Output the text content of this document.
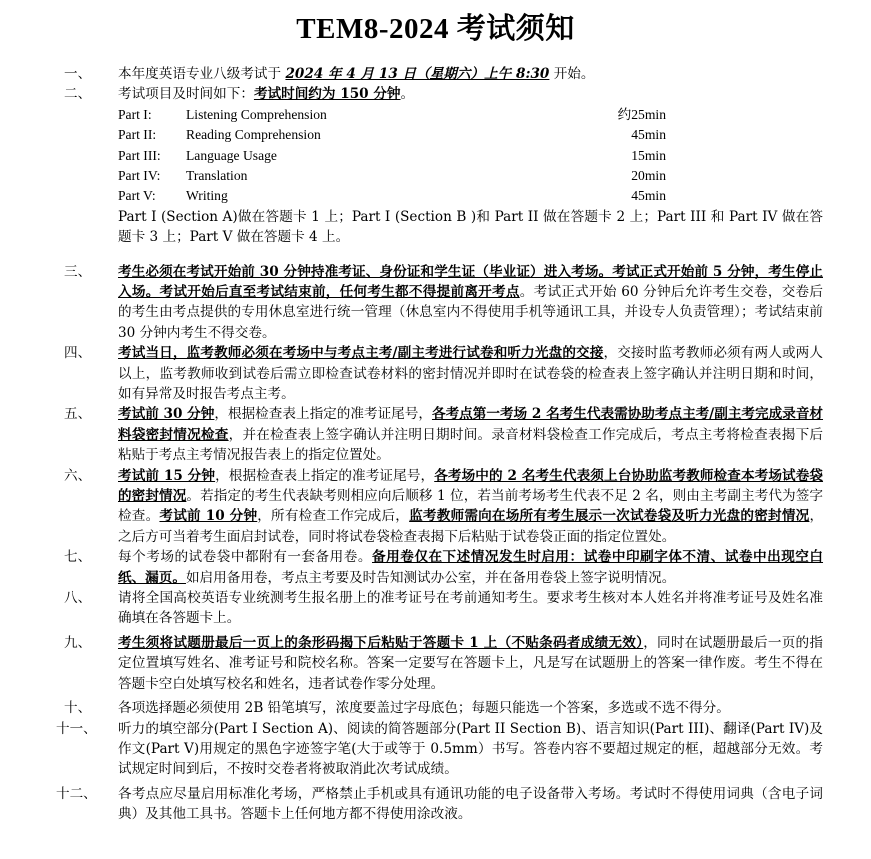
TEM8-2024 考试须知
一、 本年度英语专业八级考试于 2024 年 4 月 13 日（星期六）上午 8:30 开始。
二、 考试项目及时间如下：考试时间约为 150 分钟。
Part I:	Listening Comprehension	约25min
Part II:	Reading Comprehension	45min
Part III:	Language Usage	15min
Part IV:	Translation	20min
Part V:	Writing	45min
Part I (Section A)做在答题卡 1 上；Part I (Section B )和 Part II 做在答题卡 2 上；Part III 和 Part IV 做在答题卡 3 上；Part V 做在答题卡 4 上。
三、 考生必须在考试开始前 30 分钟持准考证、身份证和学生证（毕业证）进入考场。考试正式开始前 5 分钟，考生停止入场。考试开始后直至考试结束前，任何考生都不得提前离开考点。考试正式开始 60 分钟后允许考生交卷，交卷后的考生由考点提供的专用休息室进行统一管理（休息室内不得使用手机等通讯工具，并设专人负责管理）；考试结束前 30 分钟内考生不得交卷。
四、 考试当日，监考教师必须在考场中与考点主考/副主考进行试卷和听力光盘的交接，交接时监考教师必须有两人或两人以上，监考教师收到试卷后需立即检查试卷材料的密封情况并即时在试卷袋的检查表上签字确认并注明日期和时间，如有异常及时报告考点主考。
五、 考试前 30 分钟，根据检查表上指定的准考证尾号，各考点第一考场 2 名考生代表需协助考点主考/副主考完成录音材料袋密封情况检查，并在检查表上签字确认并注明日期时间。录音材料袋检查工作完成后，考点主考将检查表揭下后粘贴于考点主考情况报告表上的指定位置处。
六、 考试前 15 分钟，根据检查表上指定的准考证尾号，各考场中的 2 名考生代表须上台协助监考教师检查本考场试卷袋的密封情况。若指定的考生代表缺考则相应向后顺移 1 位，若当前考场考生代表不足 2 名，则由主考副主考代为签字检查。考试前 10 分钟，所有检查工作完成后，监考教师需向在场所有考生展示一次试卷袋及听力光盘的密封情况，之后方可当着考生面启封试卷，同时将试卷袋检查表揭下后粘贴于试卷袋正面的指定位置处。
七、 每个考场的试卷袋中都附有一套备用卷。备用卷仅在下述情况发生时启用：试卷中印刷字体不清、试卷中出现空白纸、漏页。如启用备用卷，考点主考要及时告知测试办公室，并在备用卷袋上签字说明情况。
八、 请将全国高校英语专业统测考生报名册上的准考证号在考前通知考生。要求考生核对本人姓名并将准考证号及姓名准确填在各答题卡上。
九、 考生须将试题册最后一页上的条形码揭下后粘贴于答题卡 1 上（不贴条码者成绩无效），同时在试题册最后一页的指定位置填写姓名、准考证号和院校名称。答案一定要写在答题卡上，凡是写在试题册上的答案一律作废。考生不得在答题卡空白处填写校名和姓名，违者试卷作零分处理。
十、 各项选择题必须使用 2B 铅笔填写，浓度要盖过字母底色；每题只能选一个答案，多选或不选不得分。
十一、 听力的填空部分(Part I Section A)、阅读的简答题部分(Part II Section B)、语言知识(Part III)、翻译(Part IV)及作文(Part V)用规定的黑色字迹签字笔(大于或等于 0.5mm）书写。答卷内容不要超过规定的框，超越部分无效。考试规定时间到后，不按时交卷者将被取消此次考试成绩。
十二、 各考点应尽量启用标准化考场，严格禁止手机或具有通讯功能的电子设备带入考场。考试时不得使用词典（含电子词典）及其他工具书。答题卡上任何地方都不得使用涂改液。
